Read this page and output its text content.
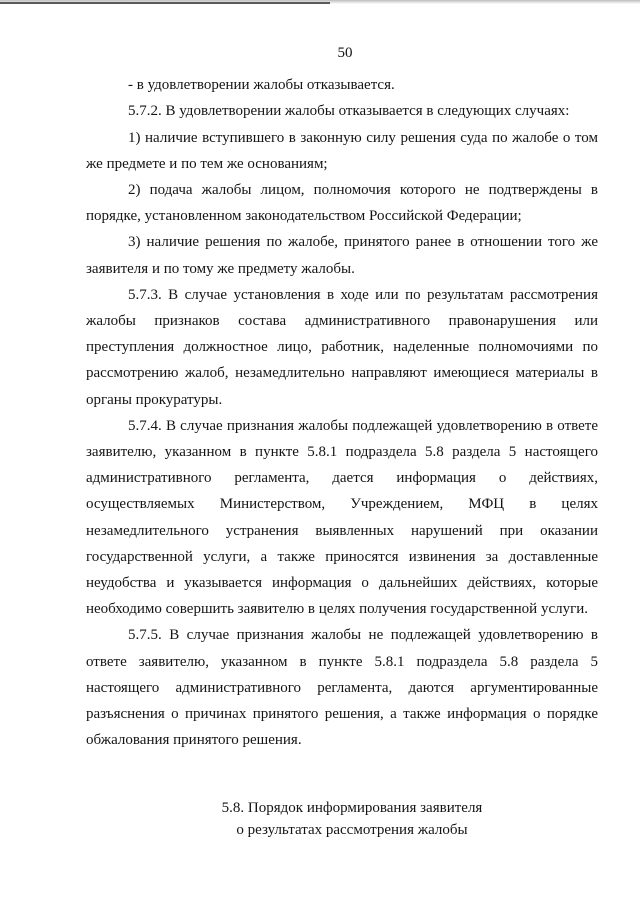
50

- в удовлетворении жалобы отказывается.

5.7.2. В удовлетворении жалобы отказывается в следующих случаях:

1) наличие вступившего в законную силу решения суда по жалобе о том же предмете и по тем же основаниям;

2) подача жалобы лицом, полномочия которого не подтверждены в порядке, установленном законодательством Российской Федерации;

3) наличие решения по жалобе, принятого ранее в отношении того же заявителя и по тому же предмету жалобы.

5.7.3. В случае установления в ходе или по результатам рассмотрения жалобы признаков состава административного правонарушения или преступления должностное лицо, работник, наделенные полномочиями по рассмотрению жалоб, незамедлительно направляют имеющиеся материалы в органы прокуратуры.

5.7.4. В случае признания жалобы подлежащей удовлетворению в ответе заявителю, указанном в пункте 5.8.1 подраздела 5.8 раздела 5 настоящего административного регламента, дается информация о действиях, осуществляемых Министерством, Учреждением, МФЦ в целях незамедлительного устранения выявленных нарушений при оказании государственной услуги, а также приносятся извинения за доставленные неудобства и указывается информация о дальнейших действиях, которые необходимо совершить заявителю в целях получения государственной услуги.

5.7.5. В случае признания жалобы не подлежащей удовлетворению в ответе заявителю, указанном в пункте 5.8.1 подраздела 5.8 раздела 5 настоящего административного регламента, даются аргументированные разъяснения о причинах принятого решения, а также информация о порядке обжалования принятого решения.

5.8. Порядок информирования заявителя
о результатах рассмотрения жалобы
